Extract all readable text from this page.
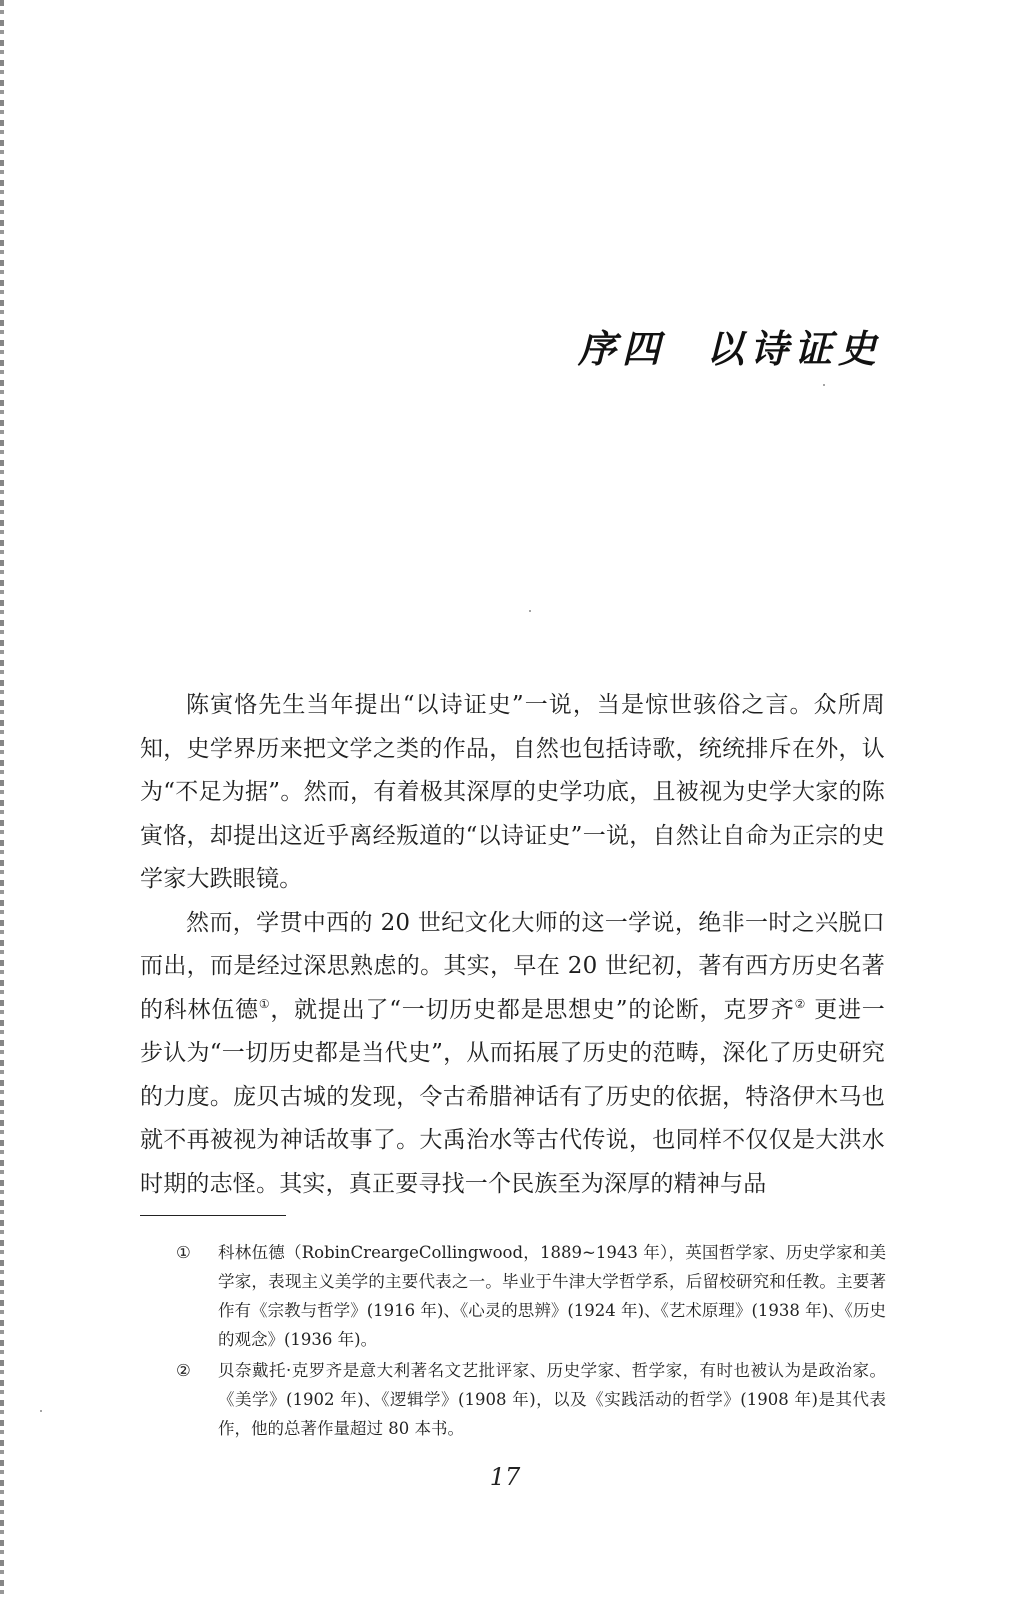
序四 以诗证史

陈寅恪先生当年提出“以诗证史”一说，当是惊世骇俗之言。众所周知，史学界历来把文学之类的作品，自然也包括诗歌，统统排斥在外，认为“不足为据”。然而，有着极其深厚的史学功底，且被视为史学大家的陈寅恪，却提出这近乎离经叛道的“以诗证史”一说，自然让自命为正宗的史学家大跌眼镜。

然而，学贯中西的 20 世纪文化大师的这一学说，绝非一时之兴脱口而出，而是经过深思熟虑的。其实，早在 20 世纪初，著有西方历史名著的科林伍德①，就提出了“一切历史都是思想史”的论断，克罗齐② 更进一步认为“一切历史都是当代史”，从而拓展了历史的范畴，深化了历史研究的力度。庞贝古城的发现，令古希腊神话有了历史的依据，特洛伊木马也就不再被视为神话故事了。大禹治水等古代传说，也同样不仅仅是大洪水时期的志怪。其实，真正要寻找一个民族至为深厚的精神与品

① 科林伍德（RobinCreargeCollingwood，1889~1943 年），英国哲学家、历史学家和美学家，表现主义美学的主要代表之一。毕业于牛津大学哲学系，后留校研究和任教。主要著作有《宗教与哲学》(1916 年)、《心灵的思辨》(1924 年)、《艺术原理》(1938 年)、《历史的观念》(1936 年)。

② 贝奈戴托·克罗齐是意大利著名文艺批评家、历史学家、哲学家，有时也被认为是政治家。《美学》(1902 年)、《逻辑学》(1908 年)，以及《实践活动的哲学》(1908 年)是其代表作，他的总著作量超过 80 本书。

17
